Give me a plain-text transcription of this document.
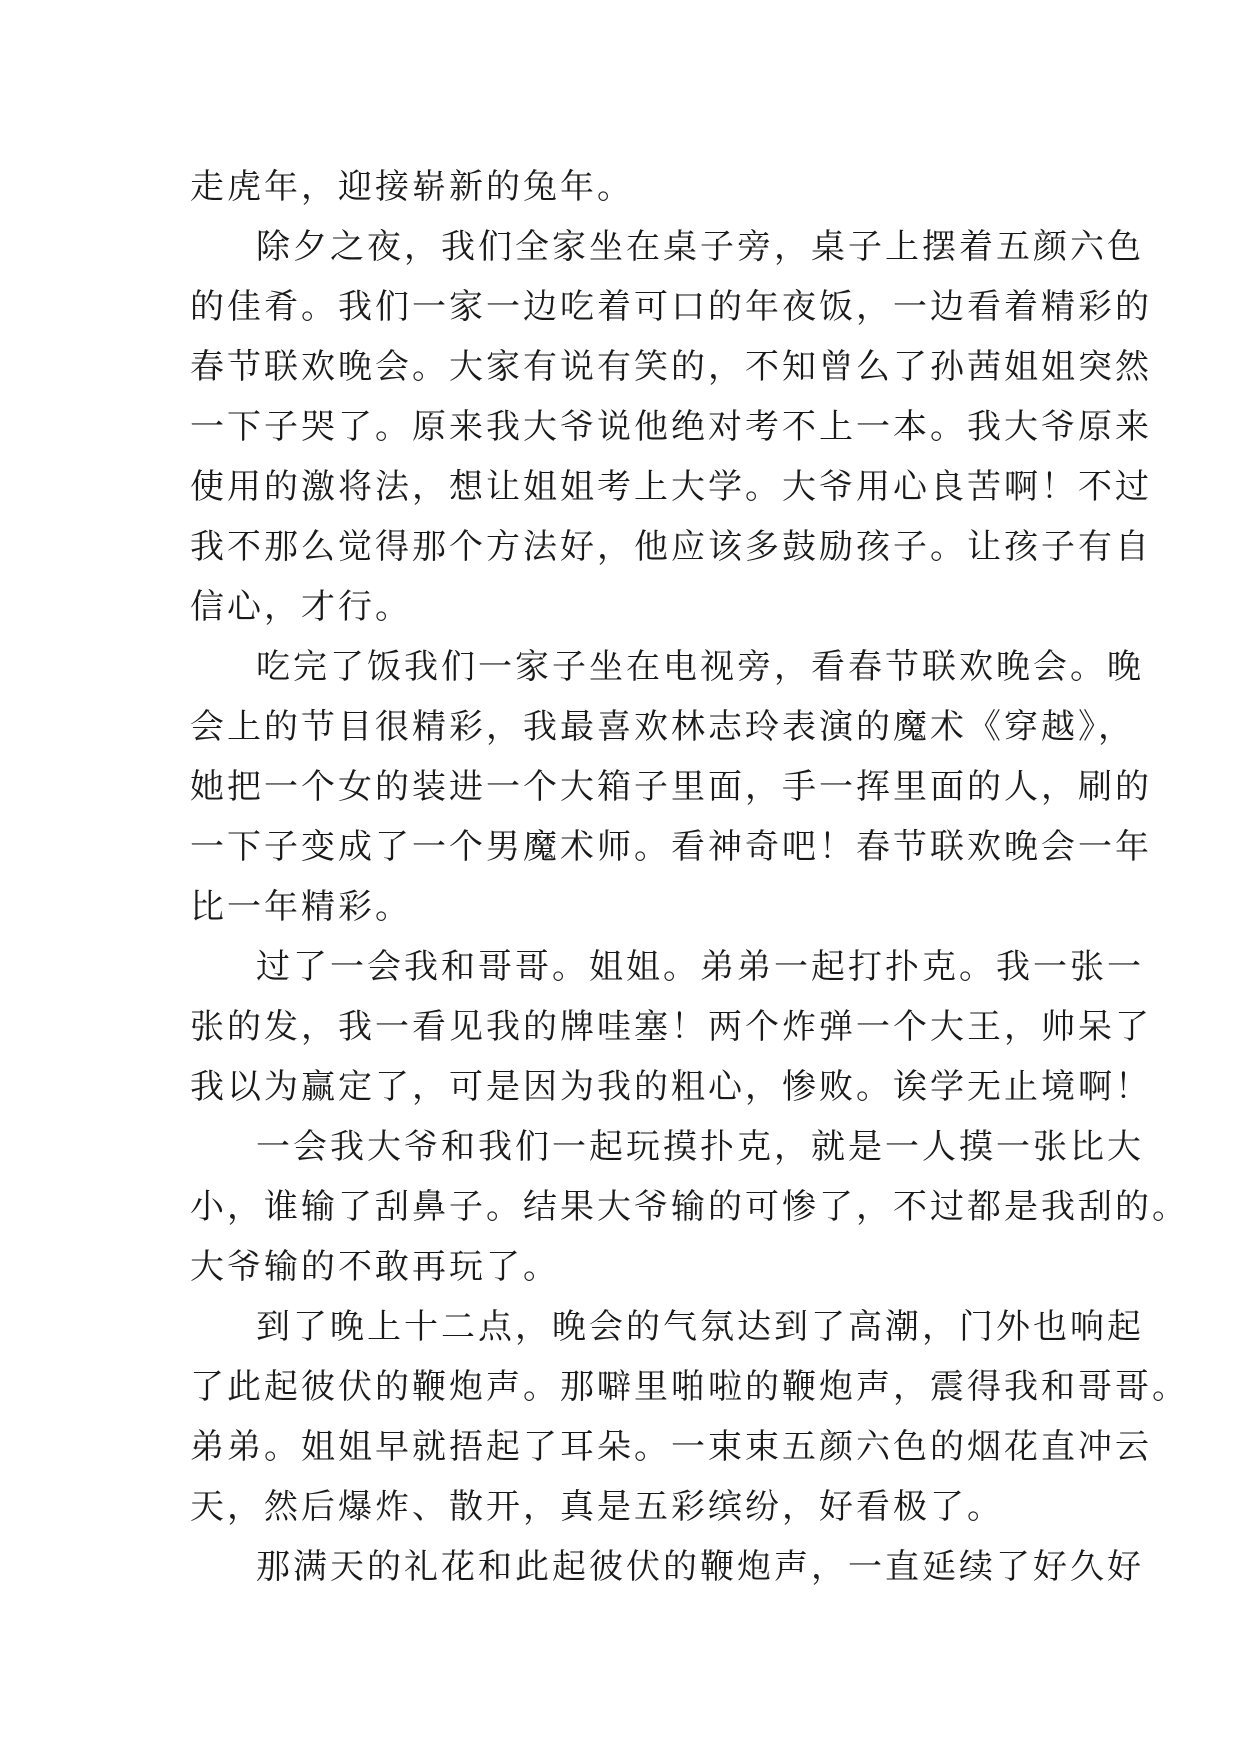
走虎年，迎接崭新的兔年。
除夕之夜，我们全家坐在桌子旁，桌子上摆着五颜六色
的佳肴。我们一家一边吃着可口的年夜饭，一边看着精彩的
春节联欢晚会。大家有说有笑的，不知曾么了孙茜姐姐突然
一下子哭了。原来我大爷说他绝对考不上一本。我大爷原来
使用的激将法，想让姐姐考上大学。大爷用心良苦啊！不过
我不那么觉得那个方法好，他应该多鼓励孩子。让孩子有自
信心，才行。
吃完了饭我们一家子坐在电视旁，看春节联欢晚会。晚
会上的节目很精彩，我最喜欢林志玲表演的魔术《穿越》，
她把一个女的装进一个大箱子里面，手一挥里面的人，刷的
一下子变成了一个男魔术师。看神奇吧！春节联欢晚会一年
比一年精彩。
过了一会我和哥哥。姐姐。弟弟一起打扑克。我一张一
张的发，我一看见我的牌哇塞！两个炸弹一个大王，帅呆了
我以为赢定了，可是因为我的粗心，惨败。诶学无止境啊！
一会我大爷和我们一起玩摸扑克，就是一人摸一张比大
小，谁输了刮鼻子。结果大爷输的可惨了，不过都是我刮的。
大爷输的不敢再玩了。
到了晚上十二点，晚会的气氛达到了高潮，门外也响起
了此起彼伏的鞭炮声。那噼里啪啦的鞭炮声，震得我和哥哥。
弟弟。姐姐早就捂起了耳朵。一束束五颜六色的烟花直冲云
天，然后爆炸、散开，真是五彩缤纷，好看极了。
那满天的礼花和此起彼伏的鞭炮声，一直延续了好久好
